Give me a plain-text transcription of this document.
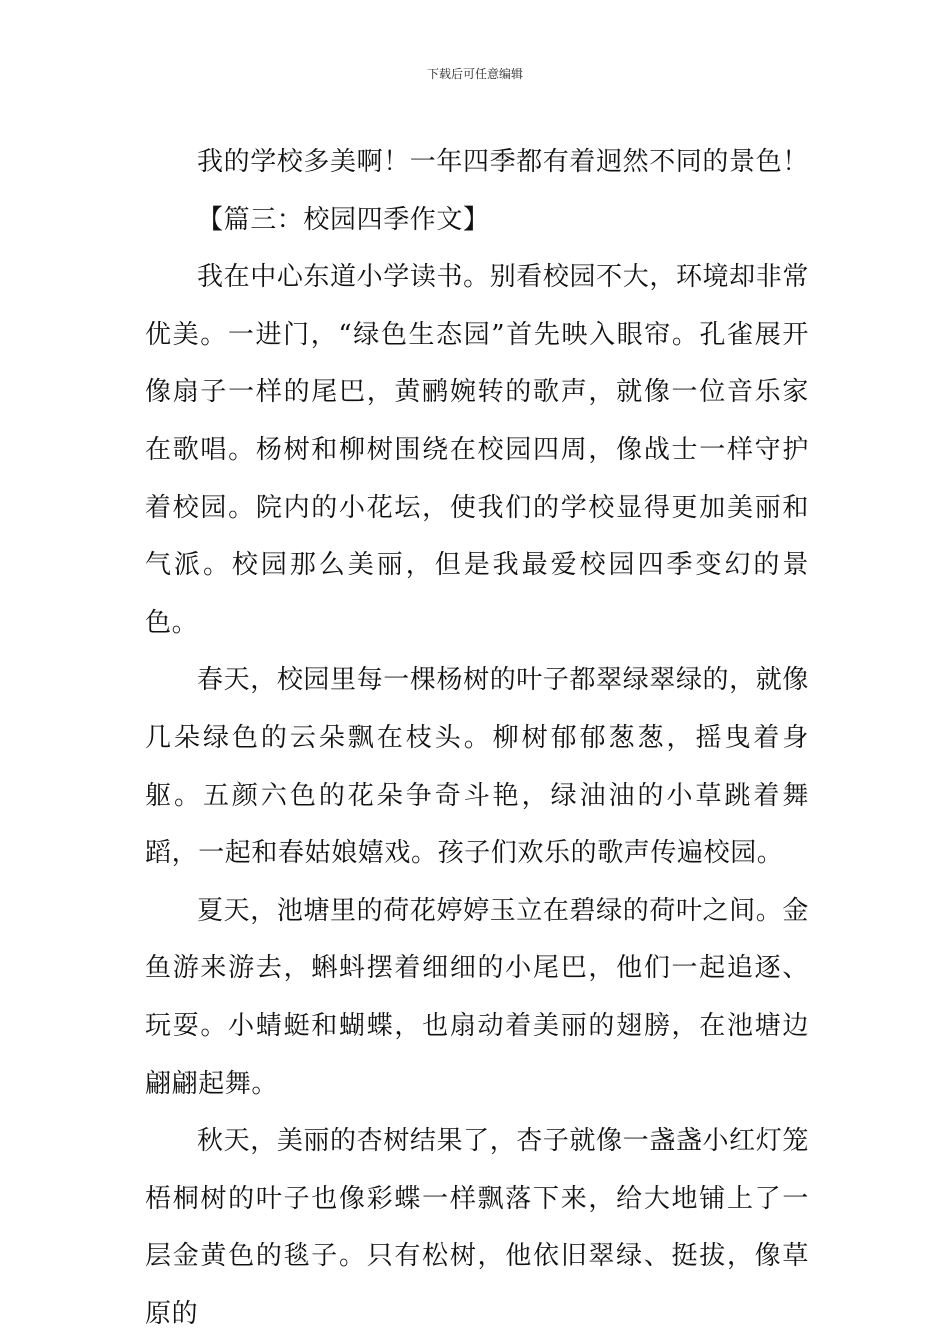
下载后可任意编辑

我的学校多美啊！一年四季都有着迥然不同的景色！

【篇三：校园四季作文】

我在中心东道小学读书。别看校园不大，环境却非常优美。一进门，“绿色生态园”首先映入眼帘。孔雀展开像扇子一样的尾巴，黄鹂婉转的歌声，就像一位音乐家在歌唱。杨树和柳树围绕在校园四周，像战士一样守护着校园。院内的小花坛，使我们的学校显得更加美丽和气派。校园那么美丽，但是我最爱校园四季变幻的景色。

春天，校园里每一棵杨树的叶子都翠绿翠绿的，就像几朵绿色的云朵飘在枝头。柳树郁郁葱葱，摇曳着身躯。五颜六色的花朵争奇斗艳，绿油油的小草跳着舞蹈，一起和春姑娘嬉戏。孩子们欢乐的歌声传遍校园。

夏天，池塘里的荷花婷婷玉立在碧绿的荷叶之间。金鱼游来游去，蝌蚪摆着细细的小尾巴，他们一起追逐、玩耍。小蜻蜓和蝴蝶，也扇动着美丽的翅膀，在池塘边翩翩起舞。

秋天，美丽的杏树结果了，杏子就像一盏盏小红灯笼梧桐树的叶子也像彩蝶一样飘落下来，给大地铺上了一层金黄色的毯子。只有松树，他依旧翠绿、挺拔，像草原的
